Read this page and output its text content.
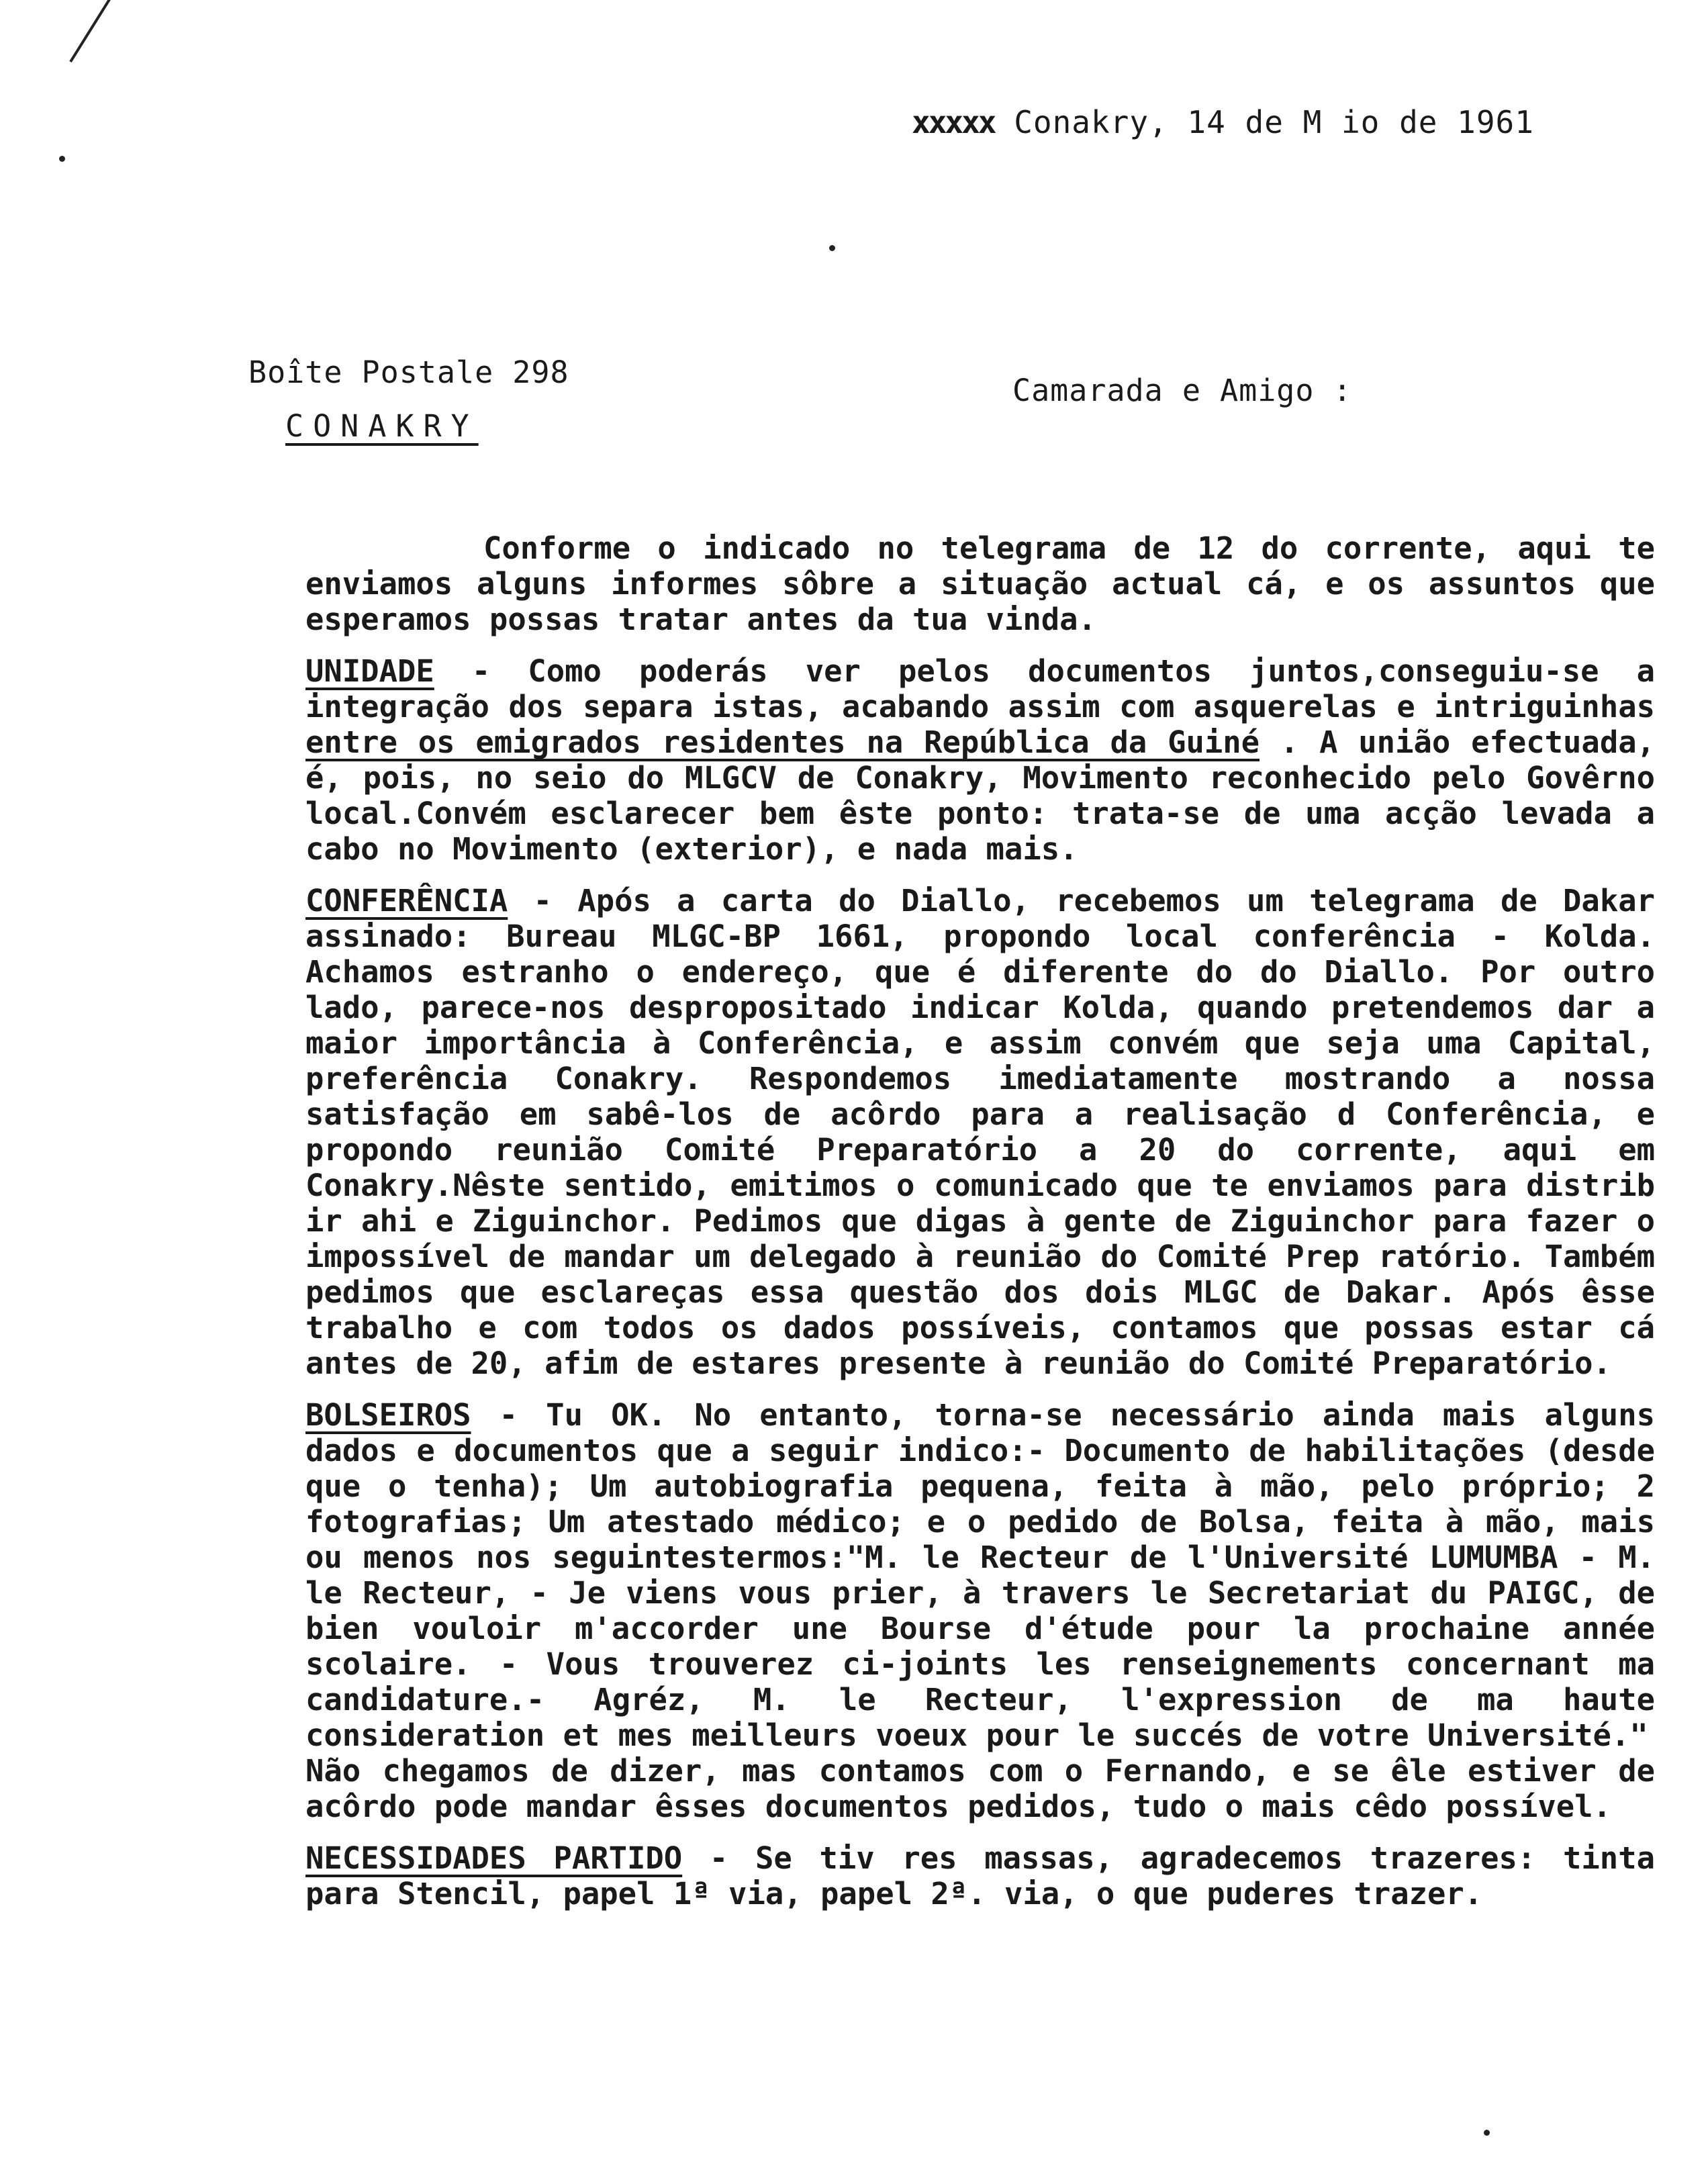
xxxxx Conakry, 14 de M io de 1961
Boîte Postale 298
CONAKRY
Camarada e Amigo :

Conforme o indicado no telegrama de 12 do corrente, aqui te enviamos alguns informes sôbre a situação actual cá, e os assuntos que esperamos possas tratar antes da tua vinda.

UNIDADE - Como poderás ver pelos documentos juntos,conseguiu-se a integração dos separa istas, acabando assim com asquerelas e intriguinhas entre os emigrados residentes na República da Guiné . A união efectuada, é, pois, no seio do MLGCV de Conakry, Movimento reconhecido pelo Govêrno local.Convém esclarecer bem êste ponto: trata-se de uma acção levada a cabo no Movimento (exterior), e nada mais.

CONFERÊNCIA - Após a carta do Diallo, recebemos um telegrama de Dakar assinado: Bureau MLGC-BP 1661, propondo local conferência - Kolda. Achamos estranho o endereço, que é diferente do do Diallo. Por outro lado, parece-nos despropositado indicar Kolda, quando pretendemos dar a maior importância à Conferência, e assim convém que seja uma Capital, preferência Conakry. Respondemos imediatamente mostrando a nossa satisfação em sabê-los de acôrdo para a realisação d Conferência, e propondo reunião Comité Preparatório a 20 do corrente, aqui em Conakry.Nêste sentido, emitimos o comunicado que te enviamos para distrib ir ahi e Ziguinchor. Pedimos que digas à gente de Ziguinchor para fazer o impossível de mandar um delegado à reunião do Comité Prep ratório. Também pedimos que esclareças essa questão dos dois MLGC de Dakar. Após êsse trabalho e com todos os dados possíveis, contamos que possas estar cá antes de 20, afim de estares presente à reunião do Comité Preparatório.

BOLSEIROS - Tu OK. No entanto, torna-se necessário ainda mais alguns dados e documentos que a seguir indico:- Documento de habilitações (desde que o tenha); Um autobiografia pequena, feita à mão, pelo próprio; 2 fotografias; Um atestado médico; e o pedido de Bolsa, feita à mão, mais ou menos nos seguintestermos:"M. le Recteur de l'Université LUMUMBA - M. le Recteur, - Je viens vous prier, à travers le Secretariat du PAIGC, de bien vouloir m'accorder une Bourse d'étude pour la prochaine année scolaire. - Vous trouverez ci-joints les renseignements concernant ma candidature.- Agréz, M. le Recteur, l'expression de ma haute consideration et mes meilleurs voeux pour le succés de votre Université."
Não chegamos de dizer, mas contamos com o Fernando, e se êle estiver de acôrdo pode mandar êsses documentos pedidos, tudo o mais cêdo possível.

NECESSIDADES PARTIDO - Se tiv res massas, agradecemos trazeres: tinta para Stencil, papel 1ª via, papel 2ª. via, o que puderes trazer.
